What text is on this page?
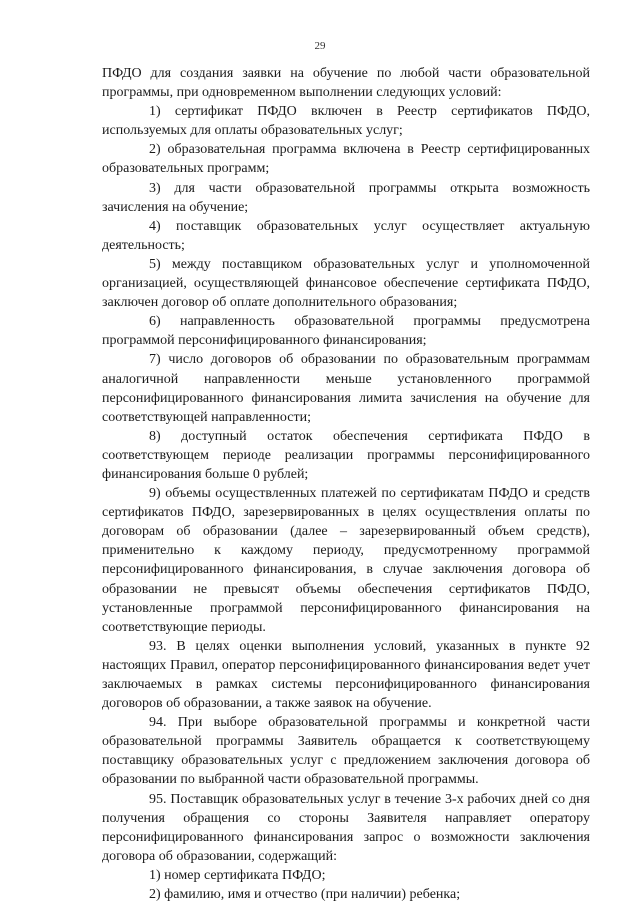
29

ПФДО для создания заявки на обучение по любой части образовательной программы, при одновременном выполнении следующих условий:

1) сертификат ПФДО включен в Реестр сертификатов ПФДО, используемых для оплаты образовательных услуг;

2) образовательная программа включена в Реестр сертифицированных образовательных программ;

3) для части образовательной программы открыта возможность зачисления на обучение;

4) поставщик образовательных услуг осуществляет актуальную деятельность;

5) между поставщиком образовательных услуг и уполномоченной организацией, осуществляющей финансовое обеспечение сертификата ПФДО, заключен договор об оплате дополнительного образования;

6) направленность образовательной программы предусмотрена программой персонифицированного финансирования;

7) число договоров об образовании по образовательным программам аналогичной направленности меньше установленного программой персонифицированного финансирования лимита зачисления на обучение для соответствующей направленности;

8) доступный остаток обеспечения сертификата ПФДО в соответствующем периоде реализации программы персонифицированного финансирования больше 0 рублей;

9) объемы осуществленных платежей по сертификатам ПФДО и средств сертификатов ПФДО, зарезервированных в целях осуществления оплаты по договорам об образовании (далее – зарезервированный объем средств), применительно к каждому периоду, предусмотренному программой персонифицированного финансирования, в случае заключения договора об образовании не превысят объемы обеспечения сертификатов ПФДО, установленные программой персонифицированного финансирования на соответствующие периоды.

93. В целях оценки выполнения условий, указанных в пункте 92 настоящих Правил, оператор персонифицированного финансирования ведет учет заключаемых в рамках системы персонифицированного финансирования договоров об образовании, а также заявок на обучение.

94. При выборе образовательной программы и конкретной части образовательной программы Заявитель обращается к соответствующему поставщику образовательных услуг с предложением заключения договора об образовании по выбранной части образовательной программы.

95. Поставщик образовательных услуг в течение 3-х рабочих дней со дня получения обращения со стороны Заявителя направляет оператору персонифицированного финансирования запрос о возможности заключения договора об образовании, содержащий:

1) номер сертификата ПФДО;

2) фамилию, имя и отчество (при наличии) ребенка;
